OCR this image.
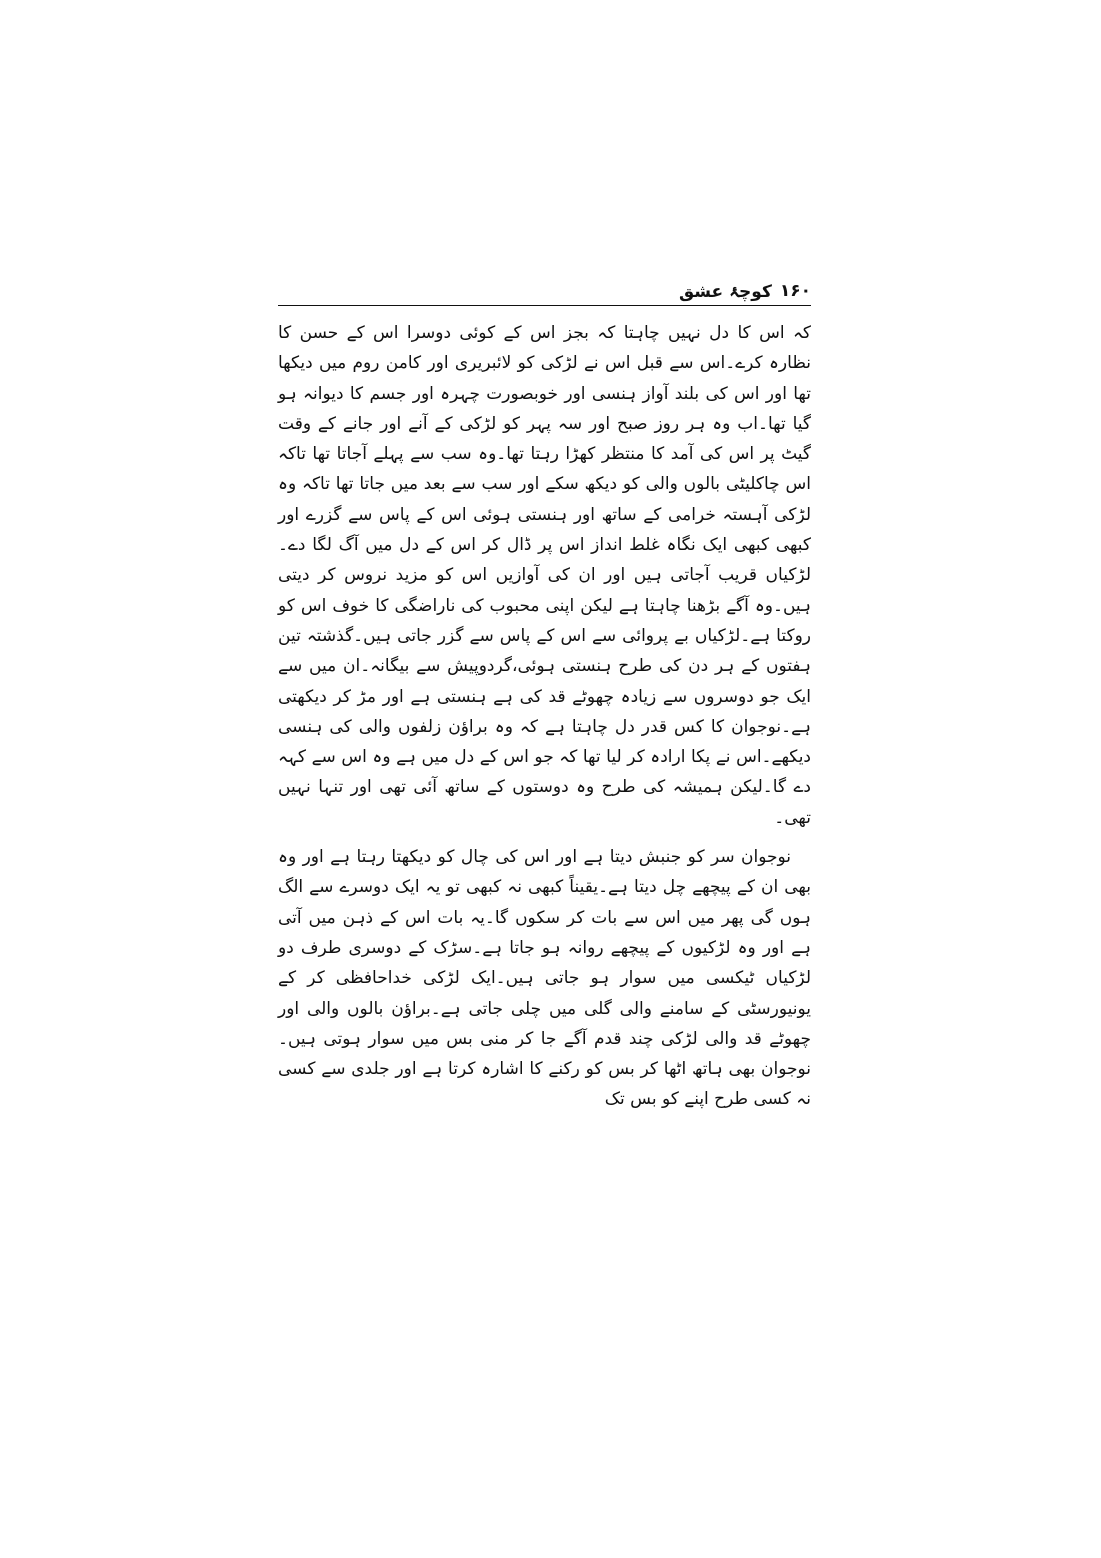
۱۶۰
کوچۂ عشق

کہ اس کا دل نہیں چاہتا کہ بجز اس کے کوئی دوسرا اس کے حسن کا نظارہ کرے۔اس سے قبل اس نے لڑکی کو لائبریری اور کامن روم میں دیکھا تھا اور اس کی بلند آواز ہنسی اور خوبصورت چہرہ اور جسم کا دیوانہ ہو گیا تھا۔اب وہ ہر روز صبح اور سہ پہر کو لڑکی کے آنے اور جانے کے وقت گیٹ پر اس کی آمد کا منتظر کھڑا رہتا تھا۔وہ سب سے پہلے آجاتا تھا تاکہ اس چاکلیٹی بالوں والی کو دیکھ سکے اور سب سے بعد میں جاتا تھا تاکہ وہ لڑکی آہستہ خرامی کے ساتھ اور ہنستی ہوئی اس کے پاس سے گزرے اور کبھی کبھی ایک نگاہ غلط انداز اس پر ڈال کر اس کے دل میں آگ لگا دے۔لڑکیاں قریب آجاتی ہیں اور ان کی آوازیں اس کو مزید نروس کر دیتی ہیں۔وہ آگے بڑھنا چاہتا ہے لیکن اپنی محبوب کی ناراضگی کا خوف اس کو روکتا ہے۔لڑکیاں بے پروائی سے اس کے پاس سے گزر جاتی ہیں۔گذشتہ تین ہفتوں کے ہر دن کی طرح ہنستی ہوئی،گردوپیش سے بیگانہ۔ان میں سے ایک جو دوسروں سے زیادہ چھوٹے قد کی ہے ہنستی ہے اور مڑ کر دیکھتی ہے۔نوجوان کا کس قدر دل چاہتا ہے کہ وہ براؤن زلفوں والی کی ہنسی دیکھے۔اس نے پکا ارادہ کر لیا تھا کہ جو اس کے دل میں ہے وہ اس سے کہہ دے گا۔لیکن ہمیشہ کی طرح وہ دوستوں کے ساتھ آئی تھی اور تنہا نہیں تھی۔

نوجوان سر کو جنبش دیتا ہے اور اس کی چال کو دیکھتا رہتا ہے اور وہ بھی ان کے پیچھے چل دیتا ہے۔یقیناً کبھی نہ کبھی تو یہ ایک دوسرے سے الگ ہوں گی پھر میں اس سے بات کر سکوں گا۔یہ بات اس کے ذہن میں آتی ہے اور وہ لڑکیوں کے پیچھے روانہ ہو جاتا ہے۔سڑک کے دوسری طرف دو لڑکیاں ٹیکسی میں سوار ہو جاتی ہیں۔ایک لڑکی خداحافظی کر کے یونیورسٹی کے سامنے والی گلی میں چلی جاتی ہے۔براؤن بالوں والی اور چھوٹے قد والی لڑکی چند قدم آگے جا کر منی بس میں سوار ہوتی ہیں۔نوجوان بھی ہاتھ اٹھا کر بس کو رکنے کا اشارہ کرتا ہے اور جلدی سے کسی نہ کسی طرح اپنے کو بس تک
